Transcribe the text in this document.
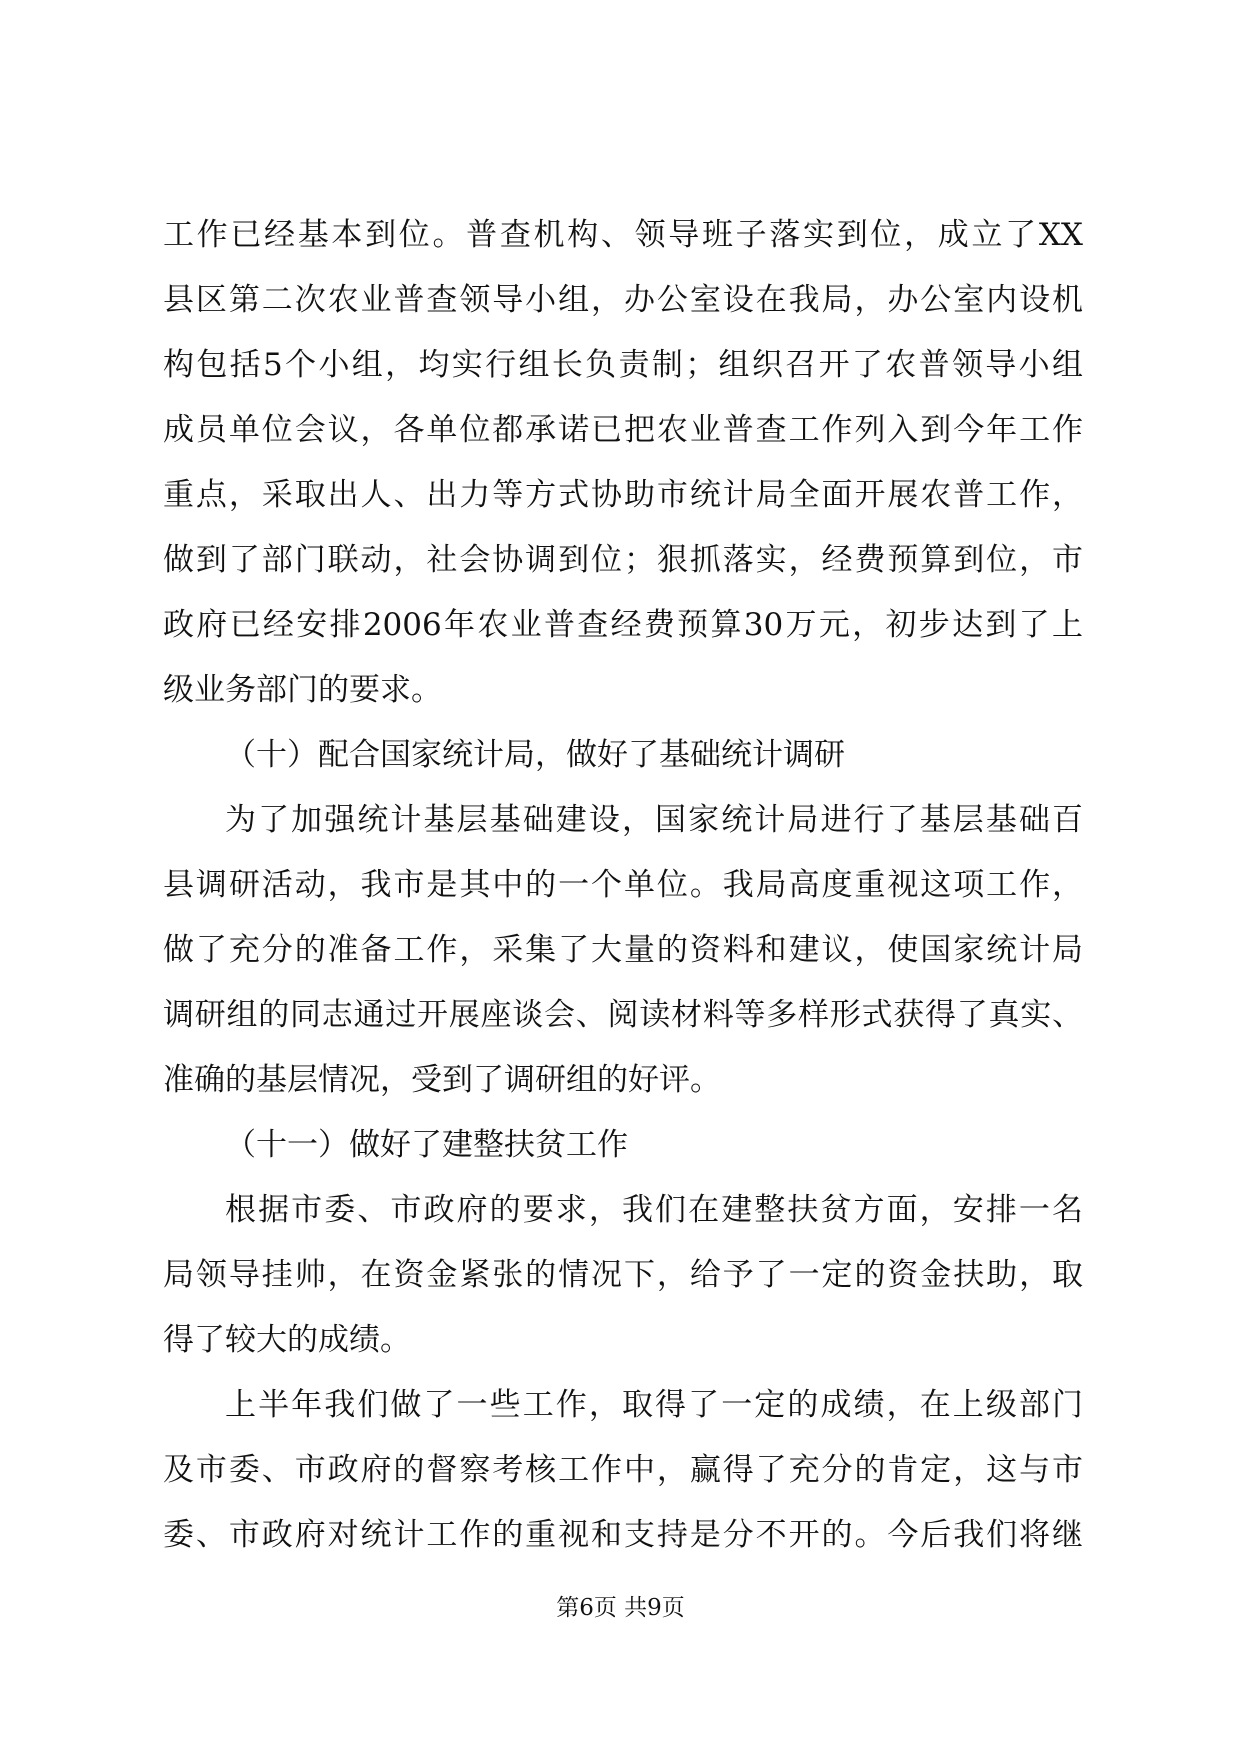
工作已经基本到位。普查机构、领导班子落实到位，成立了XX
县区第二次农业普查领导小组，办公室设在我局，办公室内设机
构包括5个小组，均实行组长负责制；组织召开了农普领导小组
成员单位会议，各单位都承诺已把农业普查工作列入到今年工作
重点，采取出人、出力等方式协助市统计局全面开展农普工作，
做到了部门联动，社会协调到位；狠抓落实，经费预算到位，市
政府已经安排2006年农业普查经费预算30万元，初步达到了上
级业务部门的要求。
（十）配合国家统计局，做好了基础统计调研
为了加强统计基层基础建设，国家统计局进行了基层基础百
县调研活动，我市是其中的一个单位。我局高度重视这项工作，
做了充分的准备工作，采集了大量的资料和建议，使国家统计局
调研组的同志通过开展座谈会、阅读材料等多样形式获得了真实、
准确的基层情况，受到了调研组的好评。
（十一）做好了建整扶贫工作
根据市委、市政府的要求，我们在建整扶贫方面，安排一名
局领导挂帅，在资金紧张的情况下，给予了一定的资金扶助，取
得了较大的成绩。
上半年我们做了一些工作，取得了一定的成绩，在上级部门
及市委、市政府的督察考核工作中，赢得了充分的肯定，这与市
委、市政府对统计工作的重视和支持是分不开的。今后我们将继
第6页 共9页
